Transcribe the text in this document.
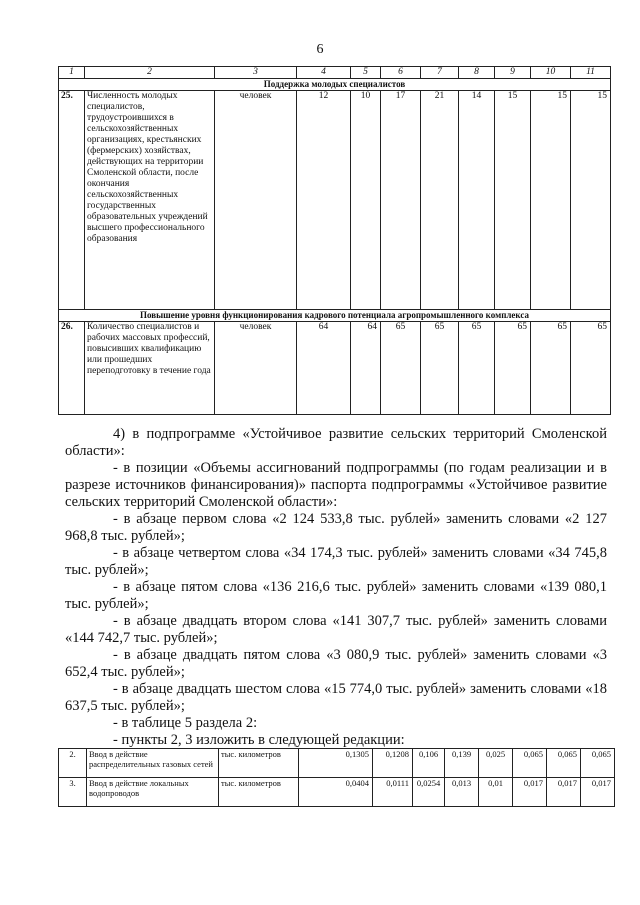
6
1	2	3	4	5	6	7	8	9	10	11
Поддержка молодых специалистов										
25.	Численность молодых специалистов, трудоустроившихся в сельскохозяйственных организациях, крестьянских (фермерских) хозяйствах, действующих на территории Смоленской области, после окончания сельскохозяйственных государственных образовательных учреждений высшего профессионального образования	человек	12	10	17	21	14	15	15	15
Повышение уровня функционирования кадрового потенциала агропромышленного комплекса										
26.	Количество специалистов и рабочих массовых профессий, повысивших квалификацию или прошедших переподготовку в течение года	человек	64	64	65	65	65	65	65	65

4) в подпрограмме «Устойчивое развитие сельских территорий Смоленской области»:

- в позиции «Объемы ассигнований подпрограммы (по годам реализации и в разрезе источников финансирования)» паспорта подпрограммы «Устойчивое развитие сельских территорий Смоленской области»:

- в абзаце первом слова «2 124 533,8 тыс. рублей» заменить словами «2 127 968,8 тыс. рублей»;

- в абзаце четвертом слова «34 174,3 тыс. рублей» заменить словами «34 745,8 тыс. рублей»;

- в абзаце пятом слова «136 216,6 тыс. рублей» заменить словами «139 080,1 тыс. рублей»;

- в абзаце двадцать втором слова «141 307,7 тыс. рублей» заменить словами «144 742,7 тыс. рублей»;

- в абзаце двадцать пятом слова «3 080,9 тыс. рублей» заменить словами «3 652,4 тыс. рублей»;

- в абзаце двадцать шестом слова «15 774,0 тыс. рублей» заменить словами «18 637,5 тыс. рублей»;

- в таблице 5 раздела 2:

- пункты 2, 3 изложить в следующей редакции:

2.	Ввод в действие распределительных газовых сетей	тыс. километров	0,1305	0,1208	0,106	0,139	0,025	0,065	0,065	0,065
3.	Ввод в действие локальных водопроводов	тыс. километров	0,0404	0,0111	0,0254	0,013	0,01	0,017	0,017	0,017
